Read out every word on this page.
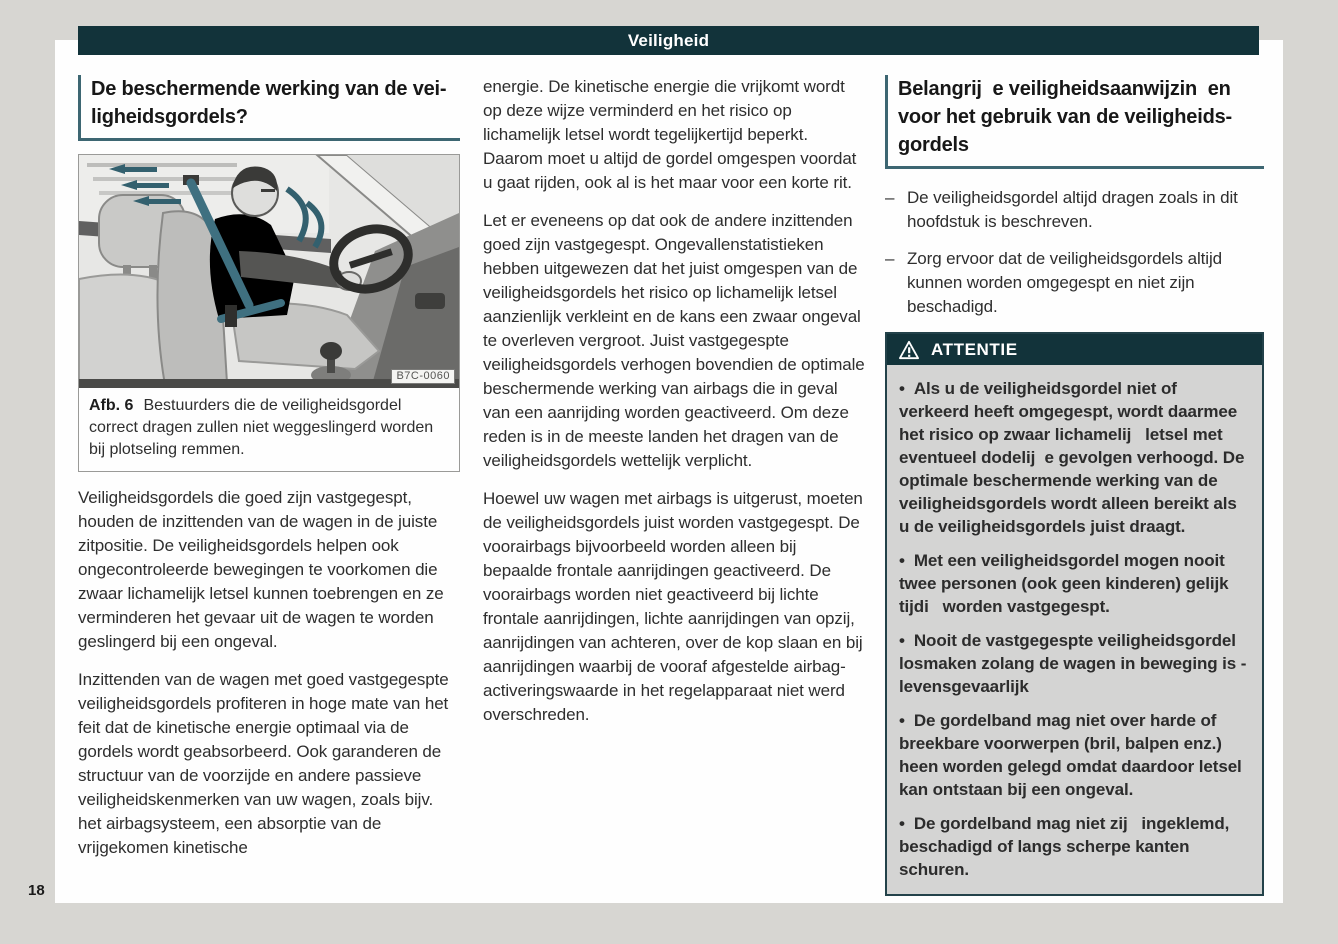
Veiligheid
De beschermende werking van de vei-
ligheidsgordels?
B7C-0060
Afb. 6 Bestuurders die de veiligheidsgordel correct dragen zullen niet weggeslingerd worden bij plotseling remmen.

Veiligheidsgordels die goed zijn vastgegespt, houden de inzittenden van de wagen in de juiste zitpositie. De veiligheidsgordels helpen ook ongecontroleerde bewegingen te voorkomen die zwaar lichamelijk letsel kunnen toebrengen en ze verminderen het gevaar uit de wagen te worden geslingerd bij een ongeval.

Inzittenden van de wagen met goed vastgegespte veiligheidsgordels profiteren in hoge mate van het feit dat de kinetische energie optimaal via de gordels wordt geabsorbeerd. Ook garanderen de structuur van de voorzijde en andere passieve veiligheidskenmerken van uw wagen, zoals bijv. het airbagsysteem, een absorptie van de vrijgekomen kinetische

energie. De kinetische energie die vrijkomt wordt op deze wijze verminderd en het risico op lichamelijk letsel wordt tegelijkertijd beperkt. Daarom moet u altijd de gordel omgespen voordat u gaat rijden, ook al is het maar voor een korte rit.

Let er eveneens op dat ook de andere inzittenden goed zijn vastgegespt. Ongevallenstatistieken hebben uitgewezen dat het juist omgespen van de veiligheidsgordels het risico op lichamelijk letsel aanzienlijk verkleint en de kans een zwaar ongeval te overleven vergroot. Juist vastgegespte veiligheidsgordels verhogen bovendien de optimale beschermende werking van airbags die in geval van een aanrijding worden geactiveerd. Om deze reden is in de meeste landen het dragen van de veiligheidsgordels wettelijk verplicht.

Hoewel uw wagen met airbags is uitgerust, moeten de veiligheidsgordels juist worden vastgegespt. De voorairbags bijvoorbeeld worden alleen bij bepaalde frontale aanrijdingen geactiveerd. De voorairbags worden niet geactiveerd bij lichte frontale aanrijdingen, lichte aanrijdingen van opzij, aanrijdingen van achteren, over de kop slaan en bij aanrijdingen waarbij de vooraf afgestelde airbag-activeringswaarde in het regelapparaat niet werd overschreden.

Belangrij  e veiligheidsaanwijzin  en
voor het gebruik van de veiligheids-
gordels
– De veiligheidsgordel altijd dragen zoals in dit hoofdstuk is beschreven.
– Zorg ervoor dat de veiligheidsgordels altijd kunnen worden omgegespt en niet zijn beschadigd.
ATTENTIE

• Als u de veiligheidsgordel niet of verkeerd heeft omgegespt, wordt daarmee het risico op zwaar lichamelij   letsel met eventueel dodelij  e gevolgen verhoogd. De optimale beschermende werking van de veiligheidsgordels wordt alleen bereikt als u de veiligheidsgordels juist draagt.

• Met een veiligheidsgordel mogen nooit twee personen (ook geen kinderen) gelijk tijdi   worden vastgegespt.

• Nooit de vastgegespte veiligheidsgordel losmaken zolang de wagen in beweging is - levensgevaarlijk

• De gordelband mag niet over harde of breekbare voorwerpen (bril, balpen enz.) heen worden gelegd omdat daardoor letsel kan ontstaan bij een ongeval.

• De gordelband mag niet zij   ingeklemd, beschadigd of langs scherpe kanten schuren.

18
